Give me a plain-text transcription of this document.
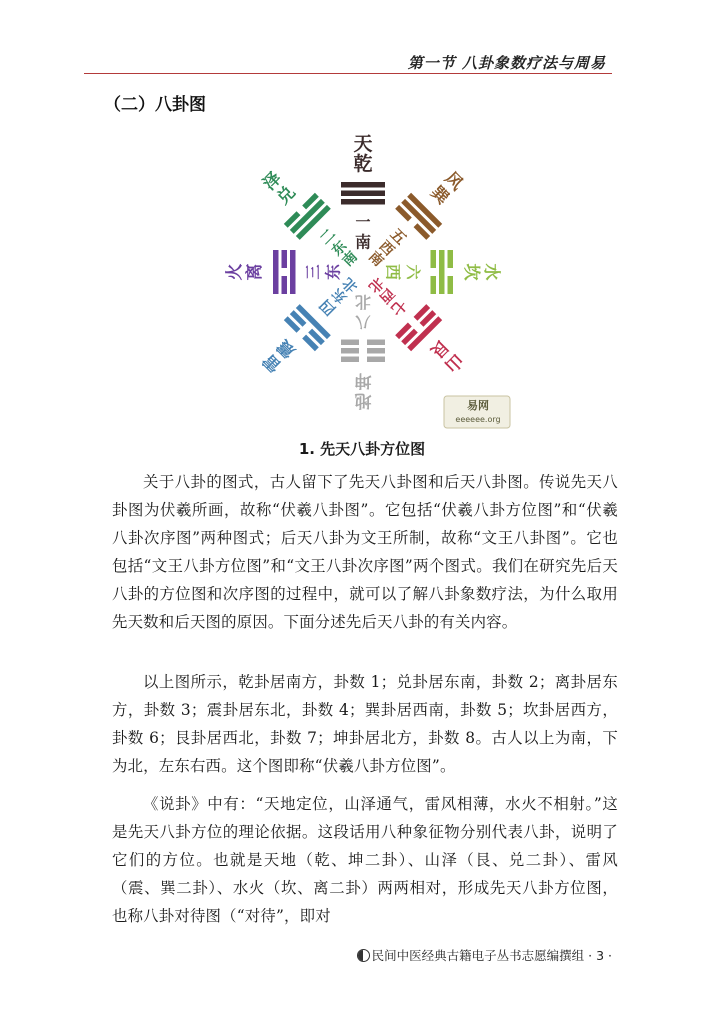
第一节 八卦象数疗法与周易
（二）八卦图
天
乾
一
南
风
巽
五
西
南
水
坎
六
西
山
艮
七
西
北
地
坤
八
北
雷
震
四
东
北
火 离	三 东
泽
兑
二
东
南
易网
eeeeee.org
1. 先天八卦方位图

关于八卦的图式，古人留下了先天八卦图和后天八卦图。传说先天八卦图为伏羲所画，故称“伏羲八卦图”。它包括“伏羲八卦方位图”和“伏羲八卦次序图”两种图式；后天八卦为文王所制，故称“文王八卦图”。它也包括“文王八卦方位图”和“文王八卦次序图”两个图式。我们在研究先后天八卦的方位图和次序图的过程中，就可以了解八卦象数疗法，为什么取用先天数和后天图的原因。下面分述先后天八卦的有关内容。

以上图所示，乾卦居南方，卦数 1；兑卦居东南，卦数 2；离卦居东方，卦数 3；震卦居东北，卦数 4；巽卦居西南，卦数 5；坎卦居西方，卦数 6；艮卦居西北，卦数 7；坤卦居北方，卦数 8。古人以上为南，下为北，左东右西。这个图即称“伏羲八卦方位图”。

《说卦》中有：“天地定位，山泽通气，雷风相薄，水火不相射。”这是先天八卦方位的理论依据。这段话用八种象征物分别代表八卦，说明了它们的方位。也就是天地（乾、坤二卦）、山泽（艮、兑二卦）、雷风（震、巽二卦）、水火（坎、离二卦）两两相对，形成先天八卦方位图，也称八卦对待图（“对待”，即对

民间中医经典古籍电子丛书志愿编撰组 · 3 ·
